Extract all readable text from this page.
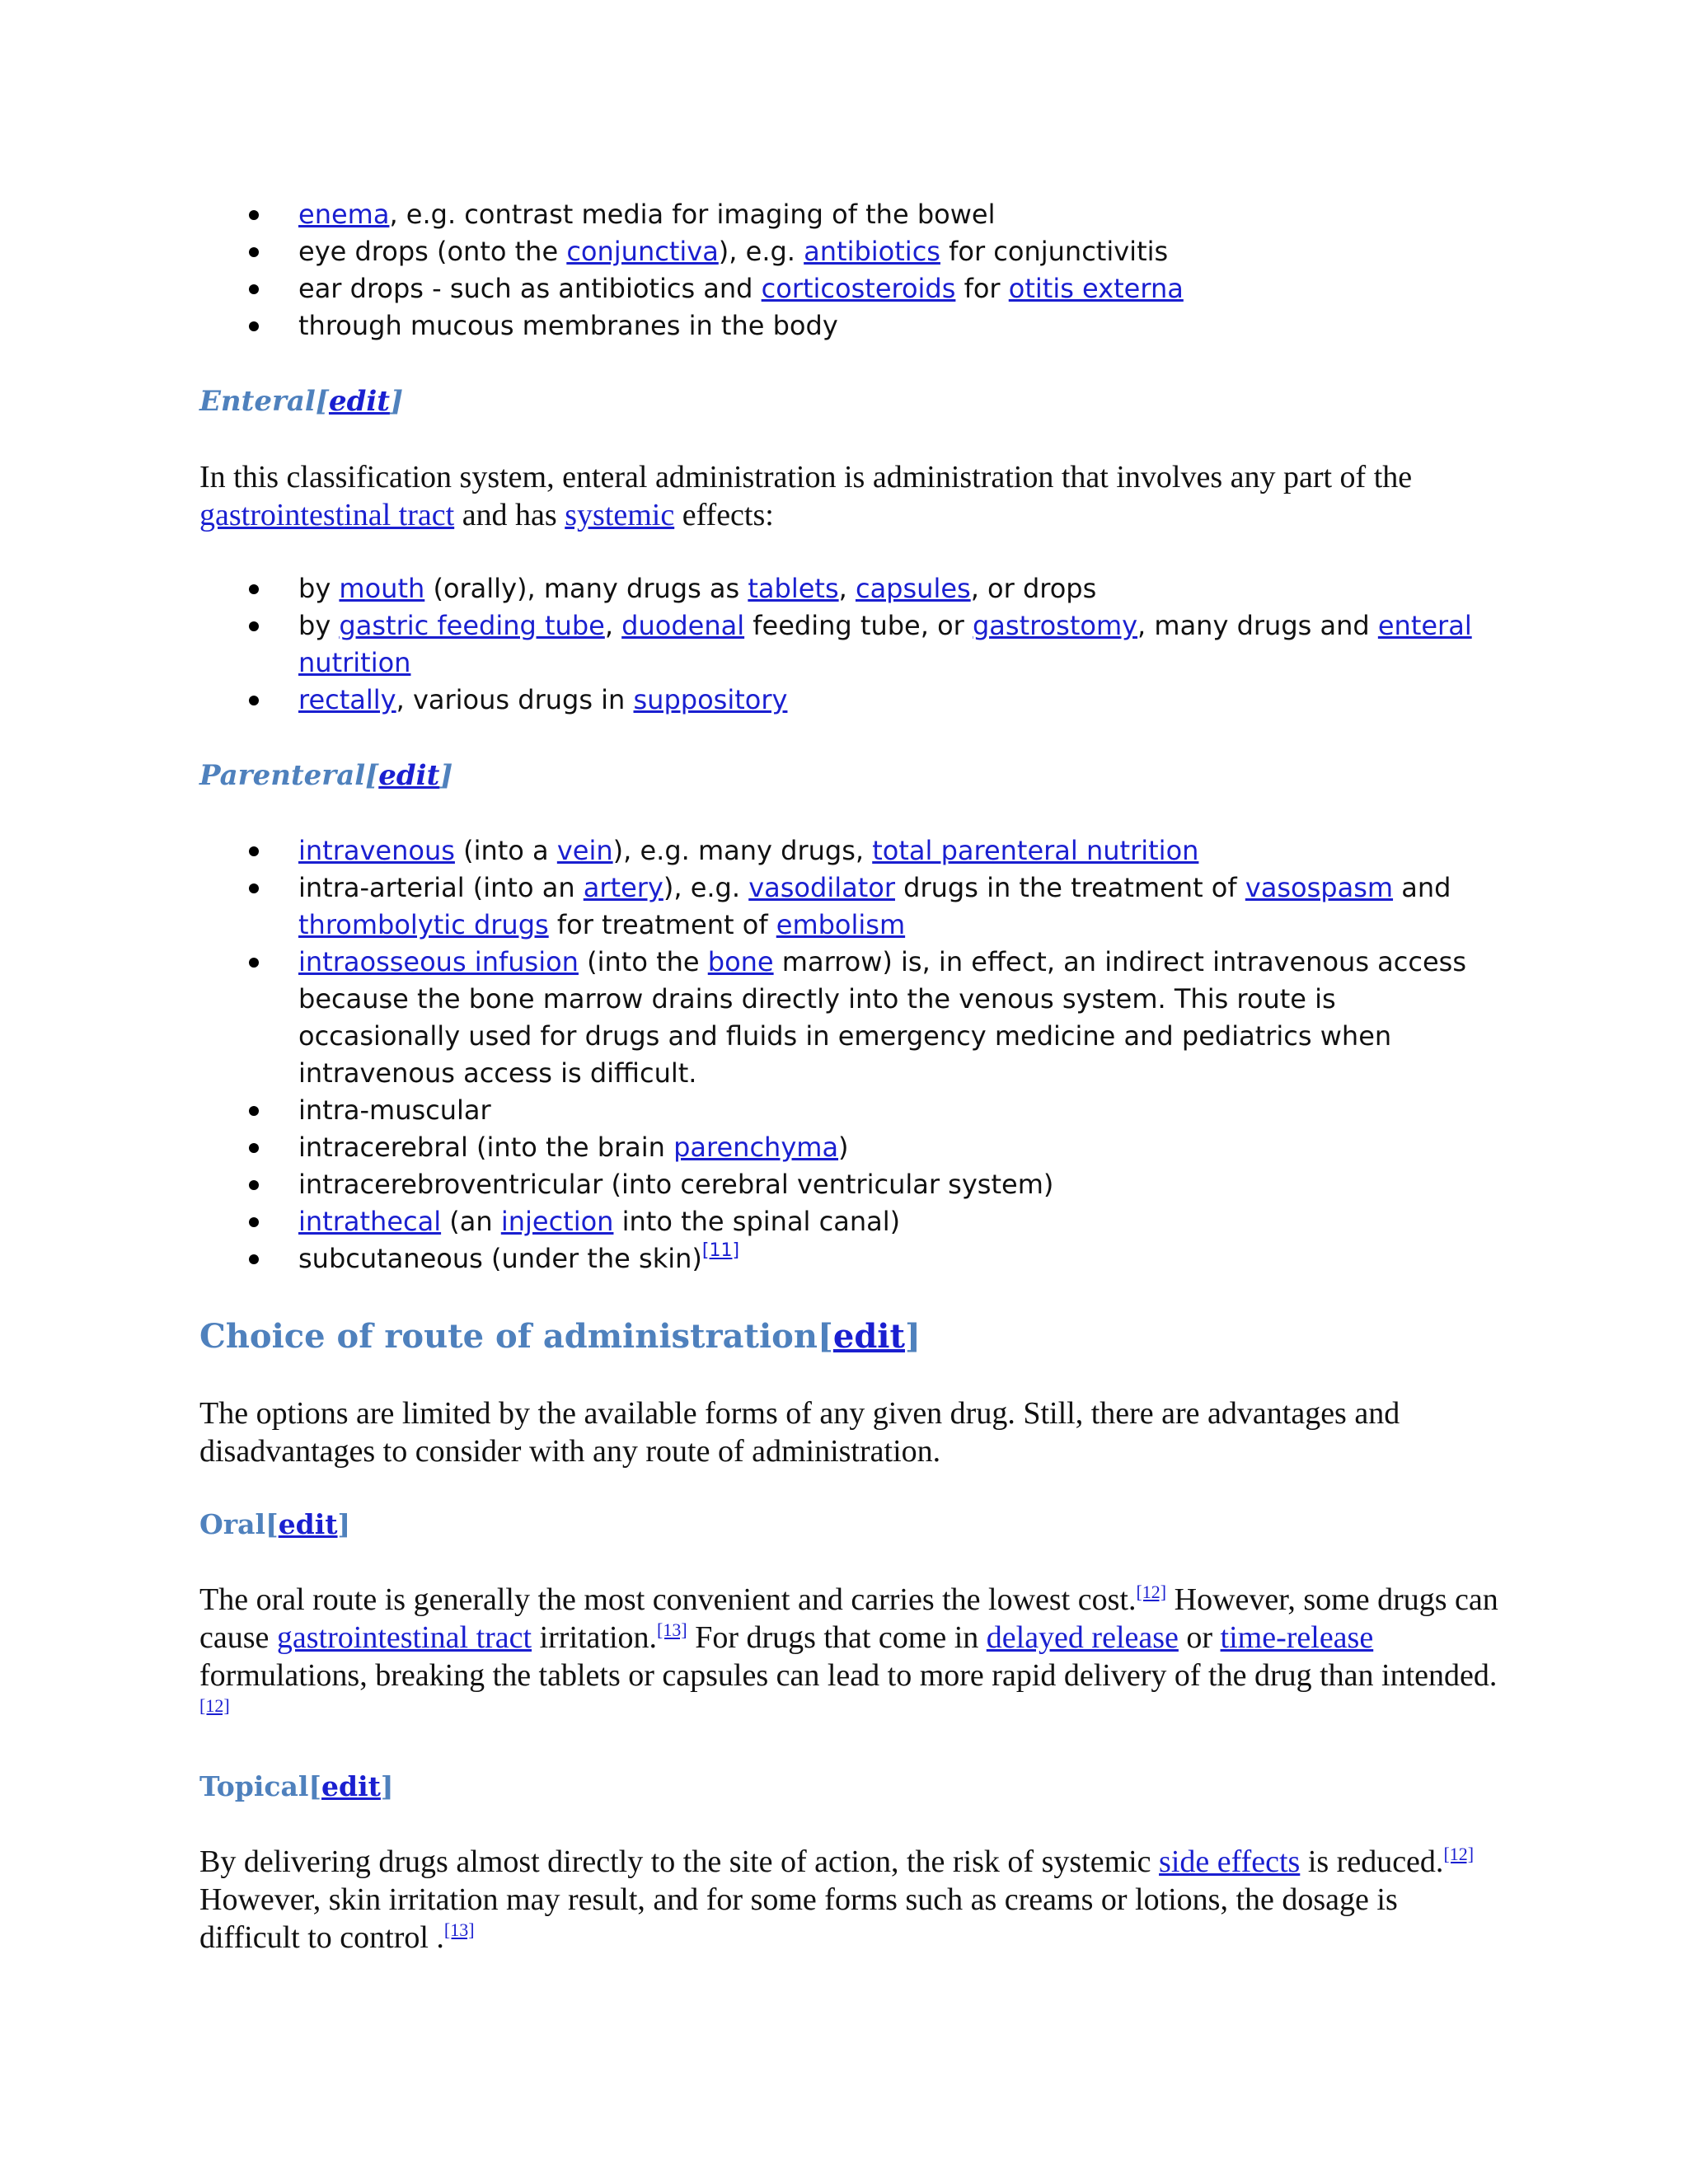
enema, e.g. contrast media for imaging of the bowel
eye drops (onto the conjunctiva), e.g. antibiotics for conjunctivitis
ear drops - such as antibiotics and corticosteroids for otitis externa
through mucous membranes in the body
Enteral[edit]

In this classification system, enteral administration is administration that involves any part of the gastrointestinal tract and has systemic effects:

by mouth (orally), many drugs as tablets, capsules, or drops
by gastric feeding tube, duodenal feeding tube, or gastrostomy, many drugs and enteral nutrition
rectally, various drugs in suppository
Parenteral[edit]
intravenous (into a vein), e.g. many drugs, total parenteral nutrition
intra-arterial (into an artery), e.g. vasodilator drugs in the treatment of vasospasm and thrombolytic drugs for treatment of embolism
intraosseous infusion (into the bone marrow) is, in effect, an indirect intravenous access because the bone marrow drains directly into the venous system. This route is occasionally used for drugs and fluids in emergency medicine and pediatrics when intravenous access is difficult.
intra-muscular
intracerebral (into the brain parenchyma)
intracerebroventricular (into cerebral ventricular system)
intrathecal (an injection into the spinal canal)
subcutaneous (under the skin)[11]
Choice of route of administration[edit]

The options are limited by the available forms of any given drug. Still, there are advantages and disadvantages to consider with any route of administration.

Oral[edit]

The oral route is generally the most convenient and carries the lowest cost.[12] However, some drugs can cause gastrointestinal tract irritation.[13] For drugs that come in delayed release or time-release formulations, breaking the tablets or capsules can lead to more rapid delivery of the drug than intended.[12]

Topical[edit]

By delivering drugs almost directly to the site of action, the risk of systemic side effects is reduced.[12] However, skin irritation may result, and for some forms such as creams or lotions, the dosage is difficult to control .[13]
